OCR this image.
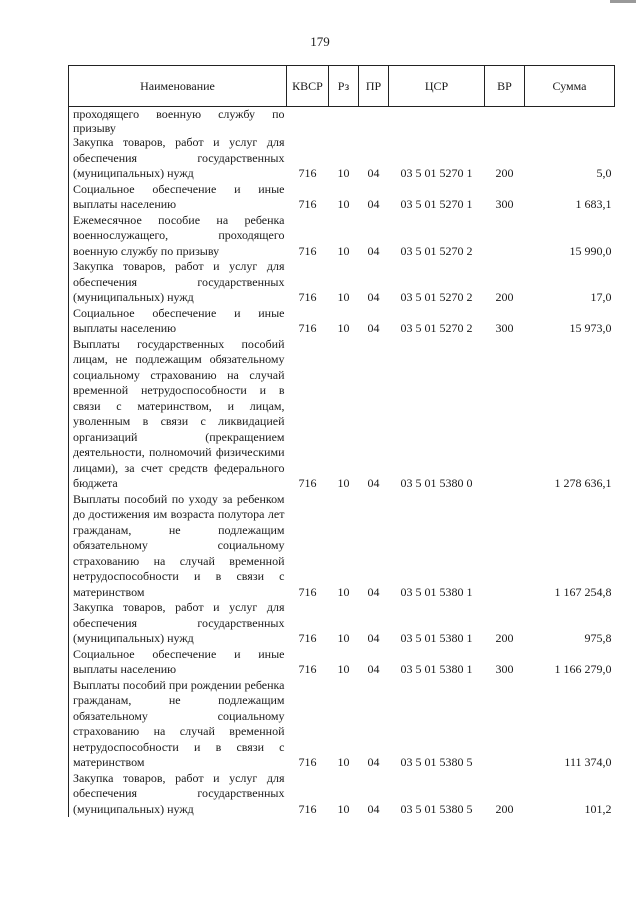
179
Наименование	КВСР	Рз	ПР	ЦСР	ВР	Сумма
проходящего военную службу по призыву						
Закупка товаров, работ и услуг для обеспечения государственных (муниципальных) нужд	716	10	04	03 5 01 5270 1	200	5,0
Социальное обеспечение и иные выплаты населению	716	10	04	03 5 01 5270 1	300	1 683,1
Ежемесячное пособие на ребенка военнослужащего, проходящего военную службу по призыву	716	10	04	03 5 01 5270 2		15 990,0
Закупка товаров, работ и услуг для обеспечения государственных (муниципальных) нужд	716	10	04	03 5 01 5270 2	200	17,0
Социальное обеспечение и иные выплаты населению	716	10	04	03 5 01 5270 2	300	15 973,0
Выплаты государственных пособий лицам, не подлежащим обязательному социальному страхованию на случай временной нетрудоспособности и в связи с материнством, и лицам, уволенным в связи с ликвидацией организаций (прекращением деятельности, полномочий физическими лицами), за счет средств федерального бюджета	716	10	04	03 5 01 5380 0		1 278 636,1
Выплаты пособий по уходу за ребенком до достижения им возраста полутора лет гражданам, не подлежащим обязательному социальному страхованию на случай временной нетрудоспособности и в связи с материнством	716	10	04	03 5 01 5380 1		1 167 254,8
Закупка товаров, работ и услуг для обеспечения государственных (муниципальных) нужд	716	10	04	03 5 01 5380 1	200	975,8
Социальное обеспечение и иные выплаты населению	716	10	04	03 5 01 5380 1	300	1 166 279,0
Выплаты пособий при рождении ребенка гражданам, не подлежащим обязательному социальному страхованию на случай временной нетрудоспособности и в связи с материнством	716	10	04	03 5 01 5380 5		111 374,0
Закупка товаров, работ и услуг для обеспечения государственных (муниципальных) нужд	716	10	04	03 5 01 5380 5	200	101,2
